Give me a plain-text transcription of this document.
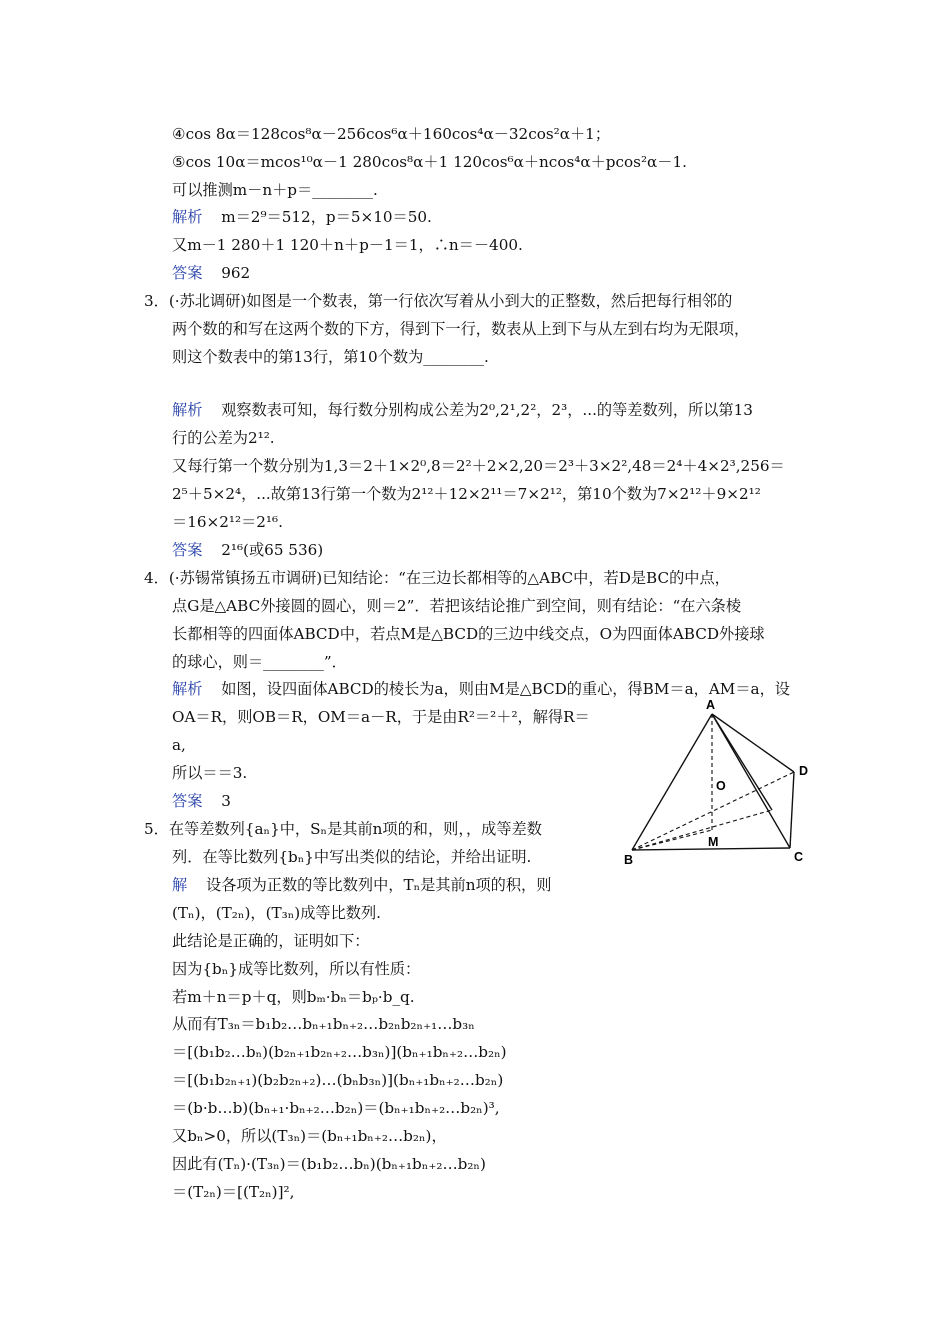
④cos 8α＝128cos⁸α－256cos⁶α＋160cos⁴α－32cos²α＋1；
⑤cos 10α＝mcos¹⁰α－1 280cos⁸α＋1 120cos⁶α＋ncos⁴α＋pcos²α－1.
可以推测m－n＋p＝________.
解析 m＝2⁹＝512，p＝5×10＝50.
又m－1 280＋1 120＋n＋p－1＝1，∴n＝－400.
答案 962
3．(·苏北调研)如图是一个数表，第一行依次写着从小到大的正整数，然后把每行相邻的
两个数的和写在这两个数的下方，得到下一行，数表从上到下与从左到右均为无限项，
则这个数表中的第13行，第10个数为________.
解析 观察数表可知，每行数分别构成公差为2⁰,2¹,2²，2³，...的等差数列，所以第13
行的公差为2¹².
又每行第一个数分别为1,3＝2＋1×2⁰,8＝2²＋2×2,20＝2³＋3×2²,48＝2⁴＋4×2³,256＝
2⁵＋5×2⁴，...故第13行第一个数为2¹²＋12×2¹¹＝7×2¹²，第10个数为7×2¹²＋9×2¹²
＝16×2¹²＝2¹⁶.
答案 2¹⁶(或65 536)
4．(·苏锡常镇扬五市调研)已知结论：“在三边长都相等的△ABC中，若D是BC的中点，
点G是△ABC外接圆的圆心，则＝2”．若把该结论推广到空间，则有结论：“在六条棱
长都相等的四面体ABCD中，若点M是△BCD的三边中线交点，O为四面体ABCD外接球
的球心，则＝________”．
解析 如图，设四面体ABCD的棱长为a，则由M是△BCD的重心，得BM＝a，AM＝a，设
OA＝R，则OB＝R，OM＝a－R，于是由R²＝²＋²，解得R＝
a,
所以＝＝3.
答案 3
A
B	C
D
O
M
5．在等差数列{aₙ}中，Sₙ是其前n项的和，则，，成等差数
列．在等比数列{bₙ}中写出类似的结论，并给出证明.
解 设各项为正数的等比数列中，Tₙ是其前n项的积，则
(Tₙ)，(T₂ₙ)，(T₃ₙ)成等比数列.
此结论是正确的，证明如下：
因为{bₙ}成等比数列，所以有性质：
若m＋n＝p＋q，则bₘ·bₙ＝bₚ·b_q.
从而有T₃ₙ＝b₁b₂…bₙ₊₁bₙ₊₂…b₂ₙb₂ₙ₊₁…b₃ₙ
＝[(b₁b₂…bₙ)(b₂ₙ₊₁b₂ₙ₊₂…b₃ₙ)](bₙ₊₁bₙ₊₂…b₂ₙ)
＝[(b₁b₂ₙ₊₁)(b₂b₂ₙ₊₂)…(bₙb₃ₙ)](bₙ₊₁bₙ₊₂…b₂ₙ)
＝(b·b…b)(bₙ₊₁·bₙ₊₂…b₂ₙ)＝(bₙ₊₁bₙ₊₂…b₂ₙ)³,
又bₙ>0，所以(T₃ₙ)＝(bₙ₊₁bₙ₊₂…b₂ₙ)，
因此有(Tₙ)·(T₃ₙ)＝(b₁b₂…bₙ)(bₙ₊₁bₙ₊₂…b₂ₙ)
＝(T₂ₙ)＝[(T₂ₙ)]²,
